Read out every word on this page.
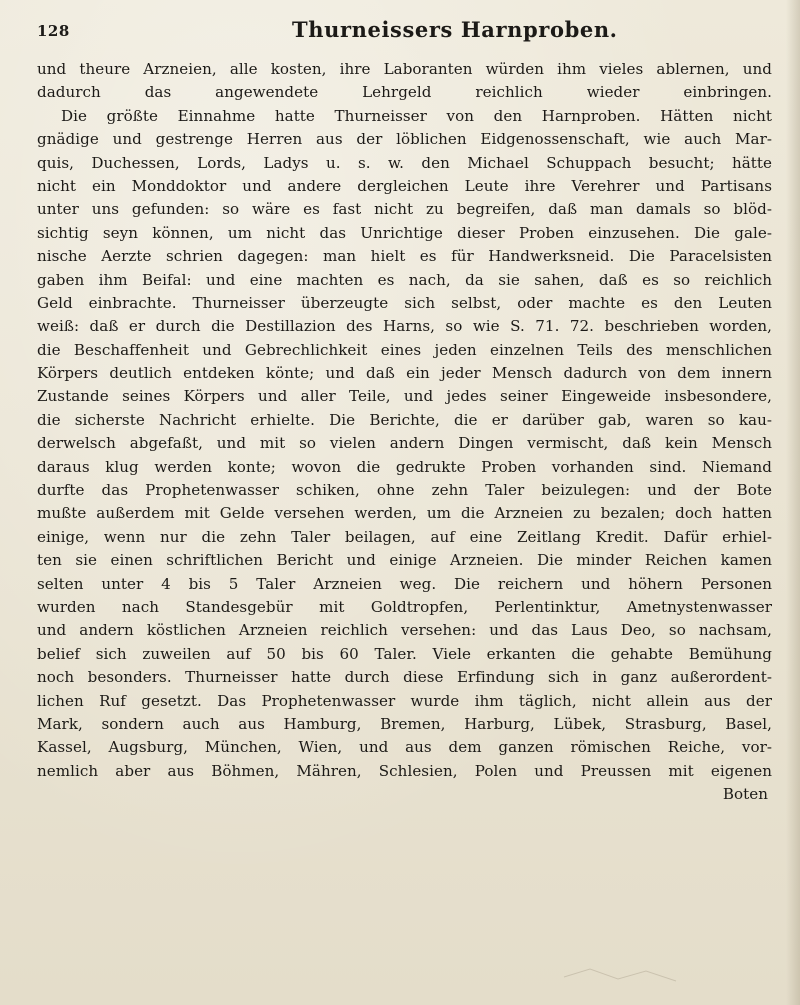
128	Thurneissers Harnproben.
und theure Arzneien, alle kosten, ihre Laboranten würden ihm vieles ablernen, und
dadurch das angewendete Lehrgeld reichlich wieder einbringen.
Die größte Einnahme hatte Thurneisser von den Harnproben. Hätten nicht
gnädige und gestrenge Herren aus der löblichen Eidgenossenschaft, wie auch Mar-
quis, Duchessen, Lords, Ladys u. s. w. den Michael Schuppach besucht; hätte
nicht ein Monddoktor und andere dergleichen Leute ihre Verehrer und Partisans
unter uns gefunden: so wäre es fast nicht zu begreifen, daß man damals so blöd-
sichtig seyn können, um nicht das Unrichtige dieser Proben einzusehen. Die gale-
nische Aerzte schrien dagegen: man hielt es für Handwerksneid. Die Paracelsisten
gaben ihm Beifal: und eine machten es nach, da sie sahen, daß es so reichlich
Geld einbrachte. Thurneisser überzeugte sich selbst, oder machte es den Leuten
weiß: daß er durch die Destillazion des Harns, so wie S. 71. 72. beschrieben worden,
die Beschaffenheit und Gebrechlichkeit eines jeden einzelnen Teils des menschlichen
Körpers deutlich entdeken könte; und daß ein jeder Mensch dadurch von dem innern
Zustande seines Körpers und aller Teile, und jedes seiner Eingeweide insbesondere,
die sicherste Nachricht erhielte. Die Berichte, die er darüber gab, waren so kau-
derwelsch abgefaßt, und mit so vielen andern Dingen vermischt, daß kein Mensch
daraus klug werden konte; wovon die gedrukte Proben vorhanden sind. Niemand
durfte das Prophetenwasser schiken, ohne zehn Taler beizulegen: und der Bote
mußte außerdem mit Gelde versehen werden, um die Arzneien zu bezalen; doch hatten
einige, wenn nur die zehn Taler beilagen, auf eine Zeitlang Kredit. Dafür erhiel-
ten sie einen schriftlichen Bericht und einige Arzneien. Die minder Reichen kamen
selten unter 4 bis 5 Taler Arzneien weg. Die reichern und höhern Personen
wurden nach Standesgebür mit Goldtropfen, Perlentinktur, Ametnystenwasser
und andern köstlichen Arzneien reichlich versehen: und das Laus Deo, so nachsam,
belief sich zuweilen auf 50 bis 60 Taler. Viele erkanten die gehabte Bemühung
noch besonders. Thurneisser hatte durch diese Erfindung sich in ganz außerordent-
lichen Ruf gesetzt. Das Prophetenwasser wurde ihm täglich, nicht allein aus der
Mark, sondern auch aus Hamburg, Bremen, Harburg, Lübek, Strasburg, Basel,
Kassel, Augsburg, München, Wien, und aus dem ganzen römischen Reiche, vor-
nemlich aber aus Böhmen, Mähren, Schlesien, Polen und Preussen mit eigenen
Boten
